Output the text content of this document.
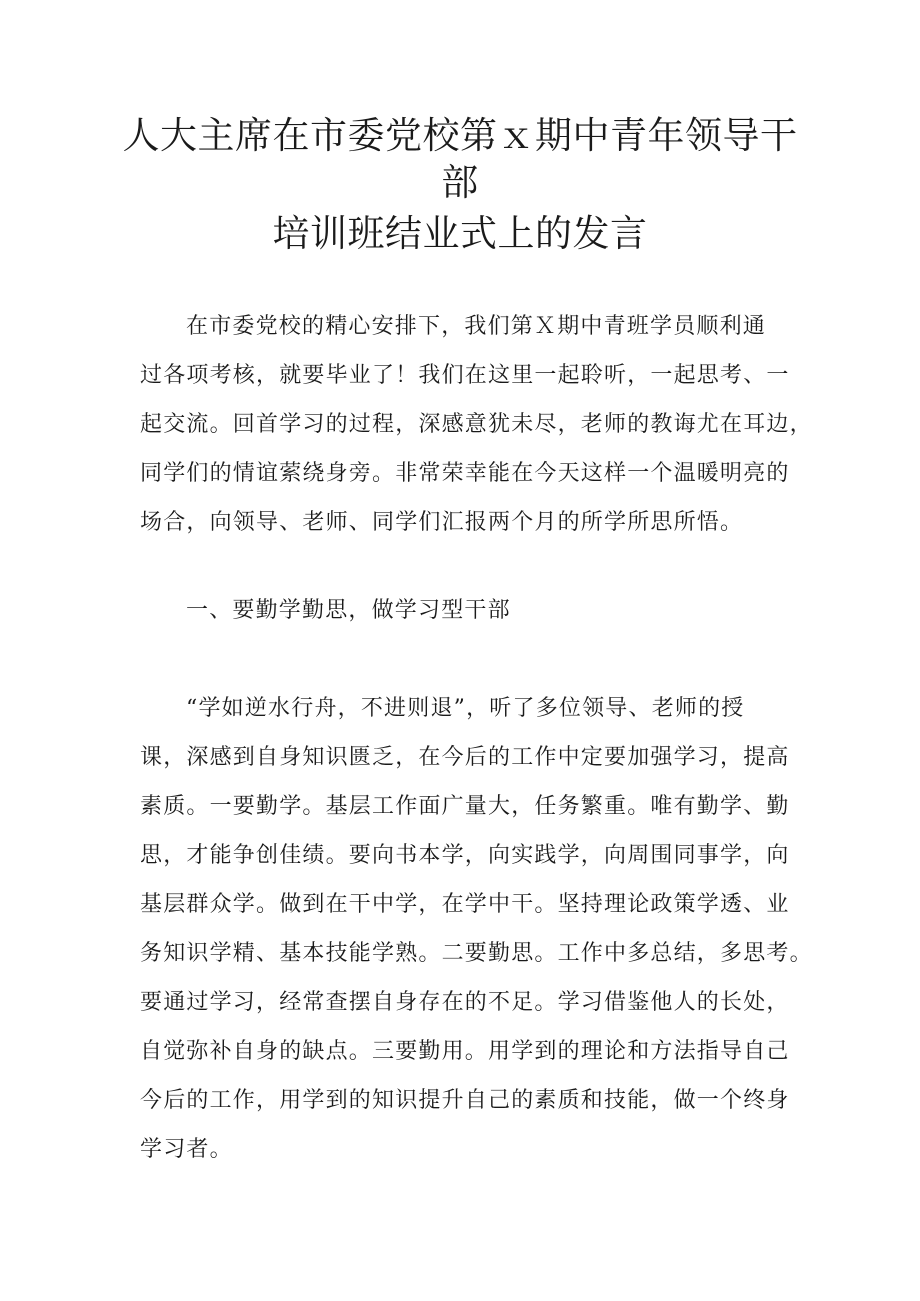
人大主席在市委党校第ｘ期中青年领导干
部
培训班结业式上的发言

在市委党校的精心安排下，我们第Ｘ期中青班学员顺利通

过各项考核，就要毕业了！我们在这里一起聆听，一起思考、一

起交流。回首学习的过程，深感意犹未尽，老师的教诲尤在耳边，

同学们的情谊萦绕身旁。非常荣幸能在今天这样一个温暖明亮的

场合，向领导、老师、同学们汇报两个月的所学所思所悟。

一、要勤学勤思，做学习型干部

“学如逆水行舟，不进则退”，听了多位领导、老师的授

课，深感到自身知识匮乏，在今后的工作中定要加强学习，提高

素质。一要勤学。基层工作面广量大，任务繁重。唯有勤学、勤

思，才能争创佳绩。要向书本学，向实践学，向周围同事学，向

基层群众学。做到在干中学，在学中干。坚持理论政策学透、业

务知识学精、基本技能学熟。二要勤思。工作中多总结，多思考。

要通过学习，经常查摆自身存在的不足。学习借鉴他人的长处，

自觉弥补自身的缺点。三要勤用。用学到的理论和方法指导自己

今后的工作，用学到的知识提升自己的素质和技能，做一个终身

学习者。
